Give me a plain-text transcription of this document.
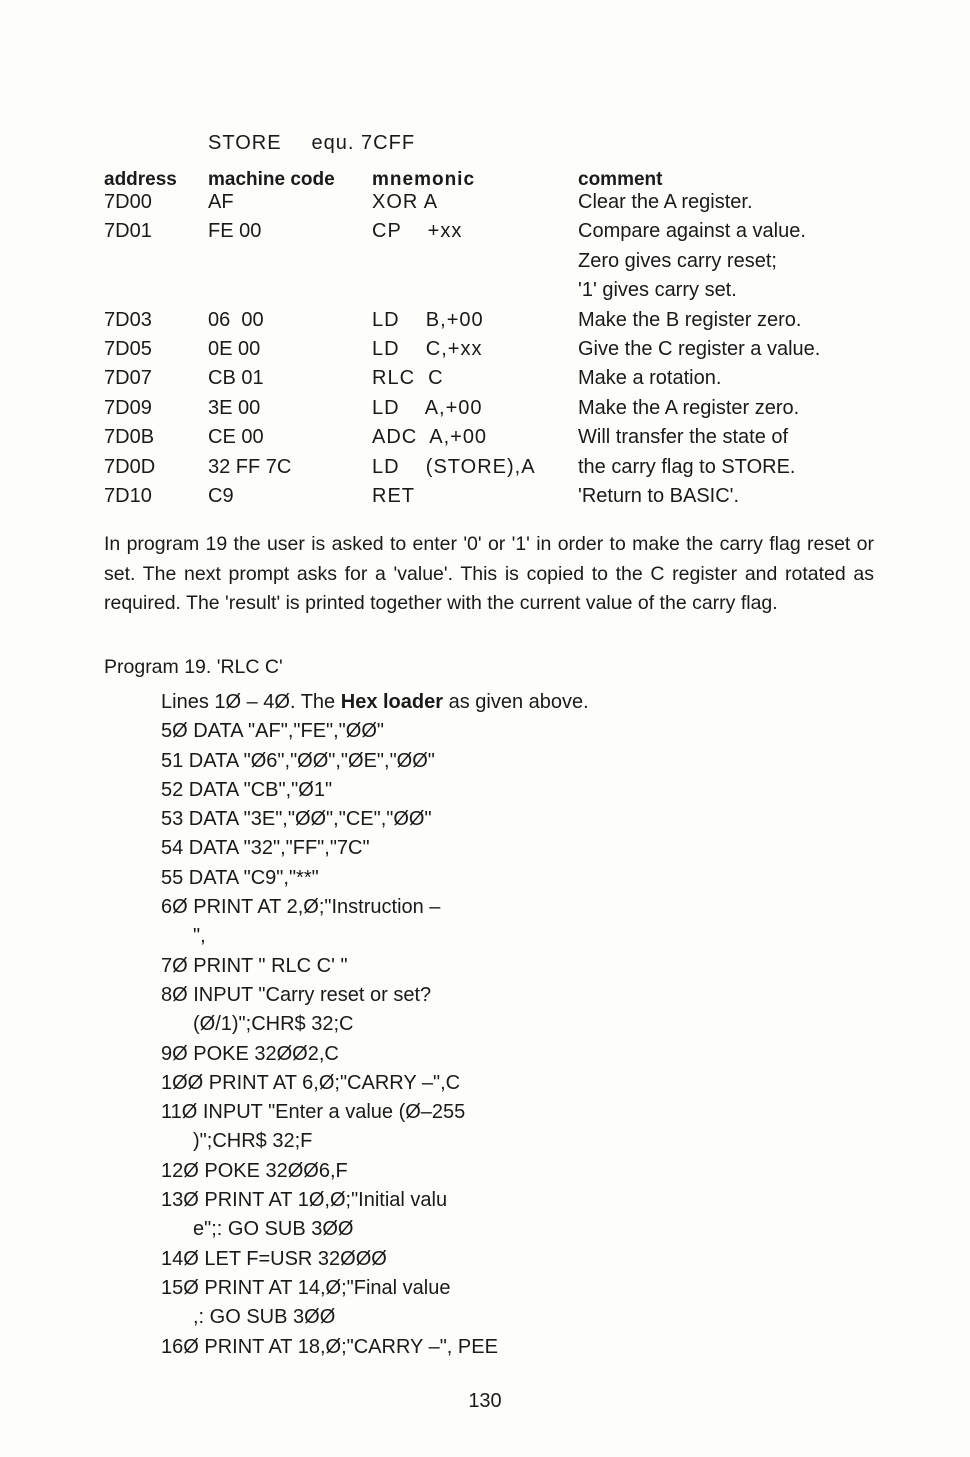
STORE equ. 7CFF
address	machine code	mnemonic	comment
7D00	AF	XOR A	Clear the A register.
7D01	FE 00	CP    +xx	Compare against a value.
			Zero gives carry reset;
			'1' gives carry set.
7D03	06  00	LD    B,+00	Make the B register zero.
7D05	0E 00	LD    C,+xx	Give the C register a value.
7D07	CB 01	RLC  C	Make a rotation.
7D09	3E 00	LD    A,+00	Make the A register zero.
7D0B	CE 00	ADC  A,+00	Will transfer the state of
7D0D	32 FF 7C	LD    (STORE),A	the carry flag to STORE.
7D10	C9	RET	'Return to BASIC'.

In program 19 the user is asked to enter '0' or '1' in order to make the carry flag reset or set. The next prompt asks for a 'value'. This is copied to the C register and rotated as required. The 'result' is printed together with the current value of the carry flag.

Program 19. 'RLC C'
Lines 1Ø – 4Ø. The Hex loader as given above.
5Ø DATA "AF","FE","ØØ"
51 DATA "Ø6","ØØ","ØE","ØØ"
52 DATA "CB","Ø1"
53 DATA "3E","ØØ","CE","ØØ"
54 DATA "32","FF","7C"
55 DATA "C9","**"
6Ø PRINT AT 2,Ø;"Instruction –
",
7Ø PRINT " RLC C' "
8Ø INPUT "Carry reset or set?
(Ø/1)";CHR$ 32;C
9Ø POKE 32ØØ2,C
1ØØ PRINT AT 6,Ø;"CARRY –",C
11Ø INPUT "Enter a value (Ø–255
)";CHR$ 32;F
12Ø POKE 32ØØ6,F
13Ø PRINT AT 1Ø,Ø;"Initial valu
e";: GO SUB 3ØØ
14Ø LET F=USR 32ØØØ
15Ø PRINT AT 14,Ø;"Final value
,: GO SUB 3ØØ
16Ø PRINT AT 18,Ø;"CARRY –", PEE
130
